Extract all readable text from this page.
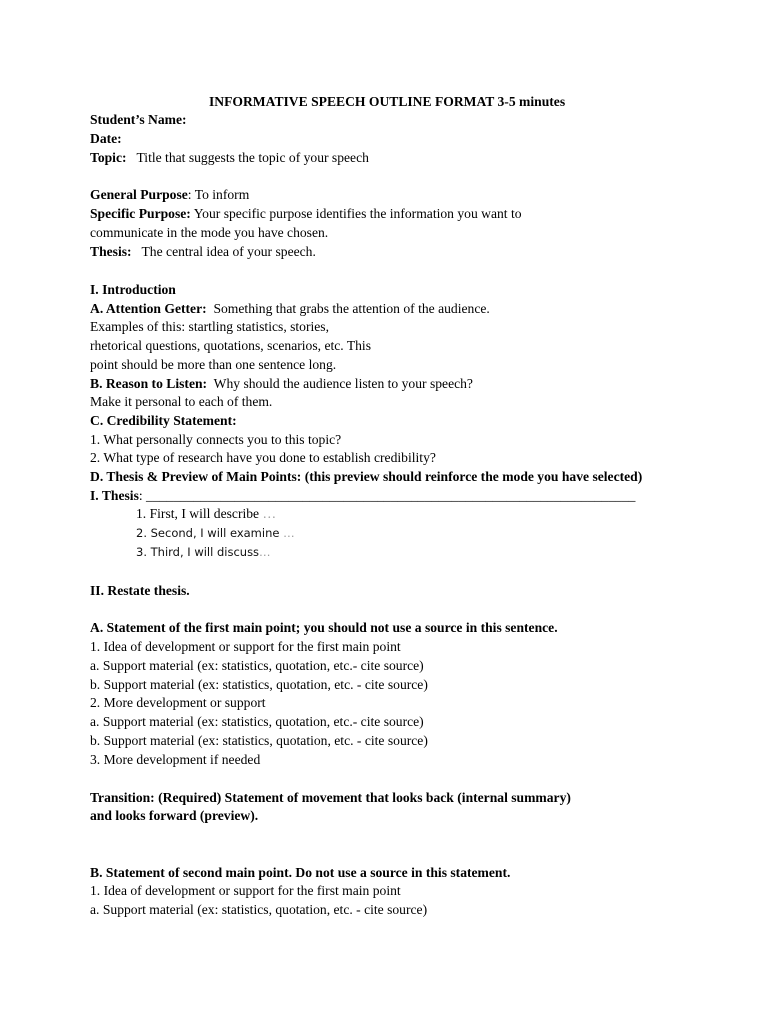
INFORMATIVE SPEECH OUTLINE FORMAT 3-5 minutes
Student’s Name:
Date:
Topic: Title that suggests the topic of your speech
General Purpose: To inform
Specific Purpose: Your specific purpose identifies the information you want to
communicate in the mode you have chosen.
Thesis: The central idea of your speech.
I. Introduction
A. Attention Getter: Something that grabs the attention of the audience.
Examples of this: startling statistics, stories,
rhetorical questions, quotations, scenarios, etc. This
point should be more than one sentence long.
B. Reason to Listen: Why should the audience listen to your speech?
Make it personal to each of them.
C. Credibility Statement:
1. What personally connects you to this topic?
2. What type of research have you done to establish credibility?
D. Thesis & Preview of Main Points: (this preview should reinforce the mode you have selected)
I. Thesis: ________________________________________________________________________
1. First, I will describe …
2. Second, I will examine …
3. Third, I will discuss…
II. Restate thesis.
A. Statement of the first main point; you should not use a source in this sentence.
1. Idea of development or support for the first main point
a. Support material (ex: statistics, quotation, etc.- cite source)
b. Support material (ex: statistics, quotation, etc. - cite source)
2. More development or support
a. Support material (ex: statistics, quotation, etc.- cite source)
b. Support material (ex: statistics, quotation, etc. - cite source)
3. More development if needed
Transition: (Required) Statement of movement that looks back (internal summary)
and looks forward (preview).
B. Statement of second main point. Do not use a source in this statement.
1. Idea of development or support for the first main point
a. Support material (ex: statistics, quotation, etc. - cite source)
